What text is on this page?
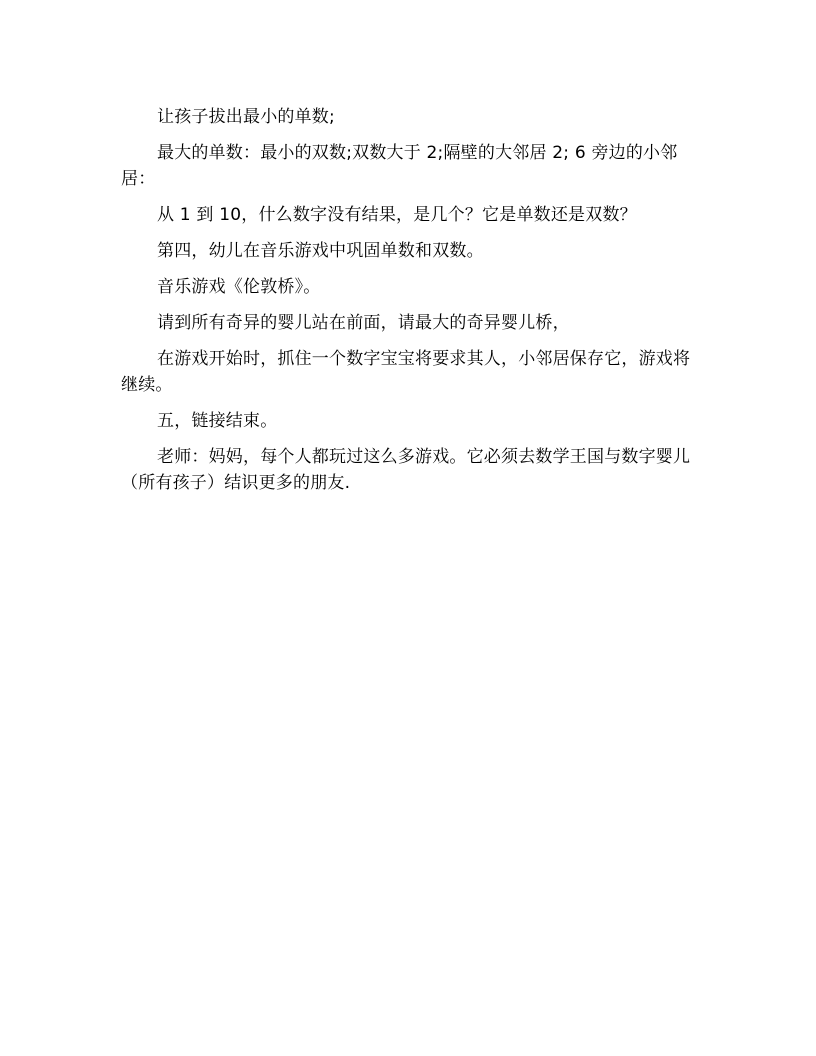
让孩子拔出最小的单数;

最大的单数：最小的双数;双数大于 2;隔壁的大邻居 2; 6 旁边的小邻居：

从 1 到 10，什么数字没有结果，是几个？它是单数还是双数？

第四，幼儿在音乐游戏中巩固单数和双数。

音乐游戏《伦敦桥》。

请到所有奇异的婴儿站在前面，请最大的奇异婴儿桥，

在游戏开始时，抓住一个数字宝宝将要求其人，小邻居保存它，游戏将继续。

五，链接结束。

老师：妈妈，每个人都玩过这么多游戏。它必须去数学王国与数字婴儿（所有孩子）结识更多的朋友.
